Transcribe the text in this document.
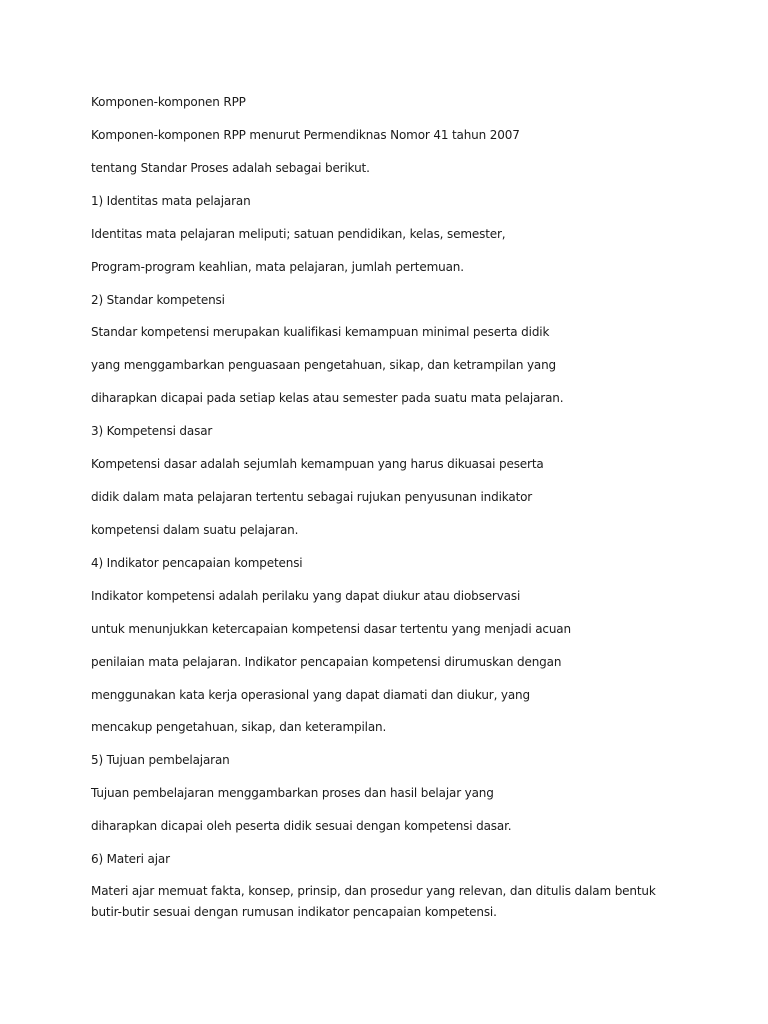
Komponen-komponen RPP

Komponen-komponen RPP menurut Permendiknas Nomor 41 tahun 2007

tentang Standar Proses adalah sebagai berikut.

1) Identitas mata pelajaran

Identitas mata pelajaran meliputi; satuan pendidikan, kelas, semester,

Program-program keahlian, mata pelajaran, jumlah pertemuan.

2) Standar kompetensi

Standar kompetensi merupakan kualifikasi kemampuan minimal peserta didik

yang menggambarkan penguasaan pengetahuan, sikap, dan ketrampilan yang

diharapkan dicapai pada setiap kelas atau semester pada suatu mata pelajaran.

3) Kompetensi dasar

Kompetensi dasar adalah sejumlah kemampuan yang harus dikuasai peserta

didik dalam mata pelajaran tertentu sebagai rujukan penyusunan indikator

kompetensi dalam suatu pelajaran.

4) Indikator pencapaian kompetensi

Indikator kompetensi adalah perilaku yang dapat diukur atau diobservasi

untuk menunjukkan ketercapaian kompetensi dasar tertentu yang menjadi acuan

penilaian mata pelajaran. Indikator pencapaian kompetensi dirumuskan dengan

menggunakan kata kerja operasional yang dapat diamati dan diukur, yang

mencakup pengetahuan, sikap, dan keterampilan.

5) Tujuan pembelajaran

Tujuan pembelajaran menggambarkan proses dan hasil belajar yang

diharapkan dicapai oleh peserta didik sesuai dengan kompetensi dasar.

6) Materi ajar

Materi ajar memuat fakta, konsep, prinsip, dan prosedur yang relevan, dan ditulis dalam bentuk butir-butir sesuai dengan rumusan indikator pencapaian kompetensi.
